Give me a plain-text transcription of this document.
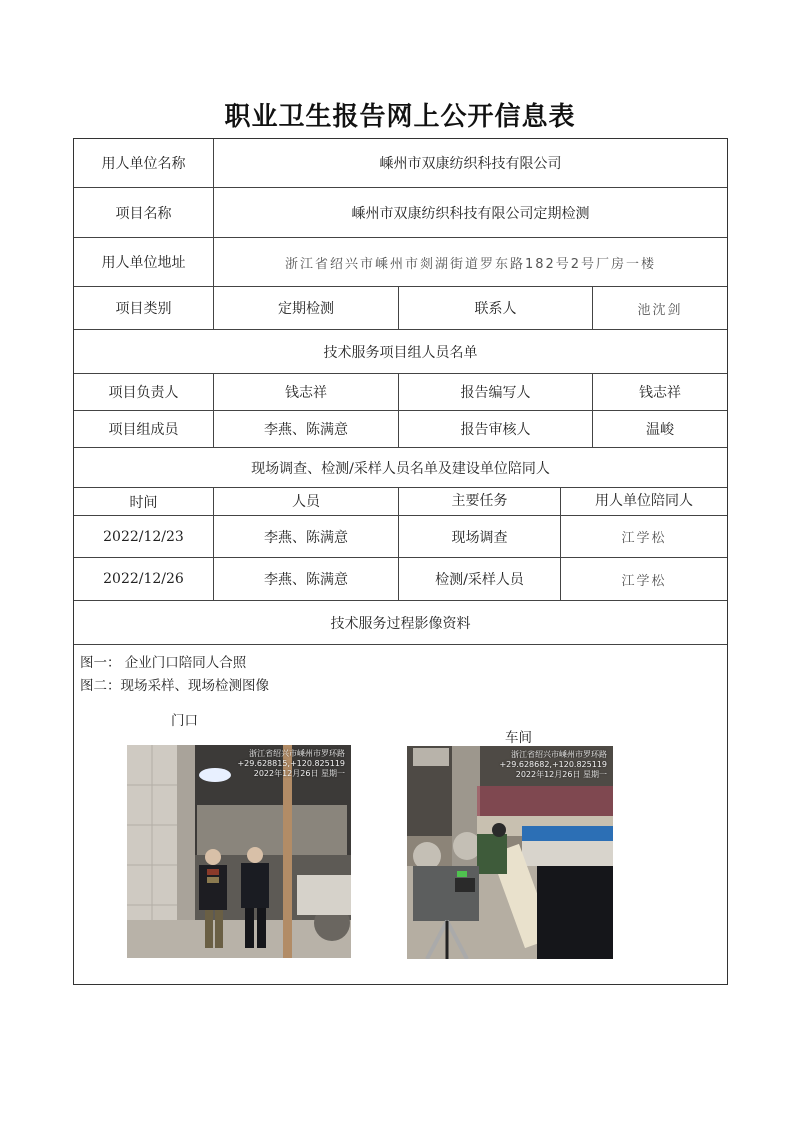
职业卫生报告网上公开信息表
用人单位名称	嵊州市双康纺织科技有限公司
项目名称	嵊州市双康纺织科技有限公司定期检测
用人单位地址	浙江省绍兴市嵊州市剡湖街道罗东路182号2号厂房一楼
项目类别	定期检测	联系人	池沈剑
技术服务项目组人员名单
项目负责人	钱志祥	报告编写人	钱志祥
项目组成员	李燕、陈满意	报告审核人	温峻
现场调查、检测/采样人员名单及建设单位陪同人
时间	人员	主要任务	用人单位陪同人
2022/12/23	李燕、陈满意	现场调查	江学松
2022/12/26	李燕、陈满意	检测/采样人员	江学松
技术服务过程影像资料
图一： 企业门口陪同人合照
图二：现场采样、现场检测图像
门口
车间
浙江省绍兴市嵊州市罗环路
+29.628815,+120.825119
2022年12月26日 星期一
浙江省绍兴市嵊州市罗环路
+29.628682,+120.825119
2022年12月26日 星期一
